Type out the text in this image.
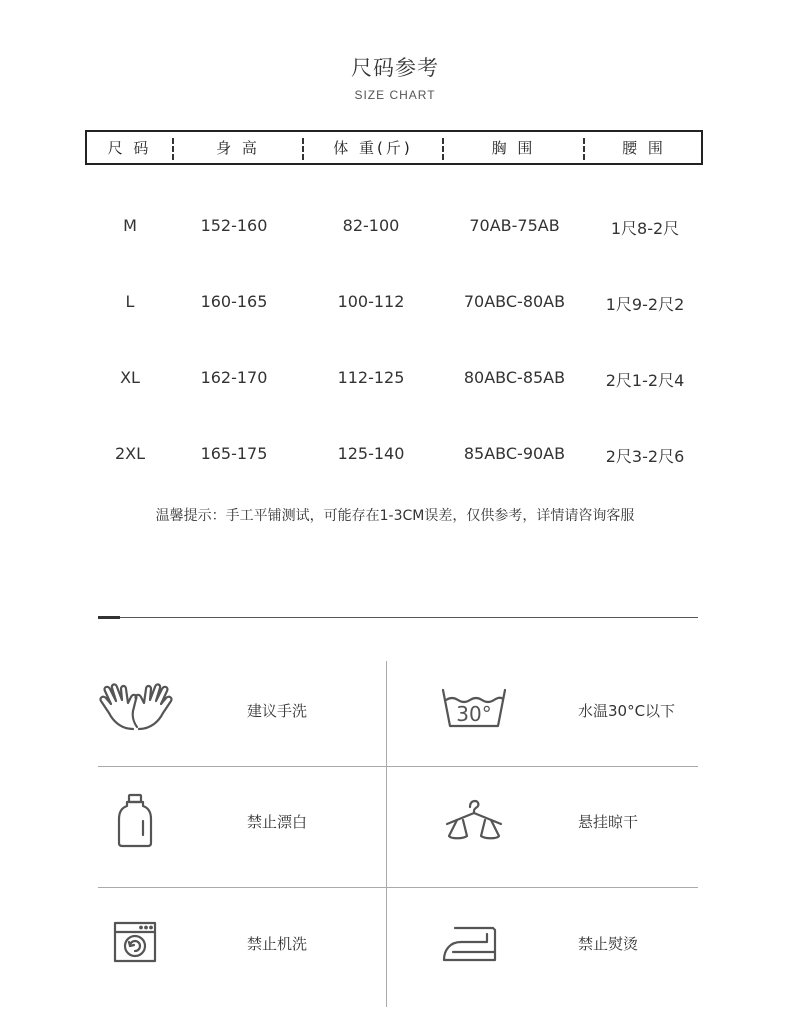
尺码参考
SIZE CHART
尺 码	身 高	体 重(斤)	胸 围	腰 围
M	152-160	82-100	70AB-75AB	1尺8-2尺
L	160-165	100-112	70ABC-80AB	1尺9-2尺2
XL	162-170	112-125	80ABC-85AB	2尺1-2尺4
2XL	165-175	125-140	85ABC-90AB	2尺3-2尺6
温馨提示：手工平铺测试，可能存在1-3CM误差，仅供参考，详情请咨询客服
建议手洗	30°	水温30°C以下
禁止漂白	悬挂晾干
禁止机洗	禁止熨烫
